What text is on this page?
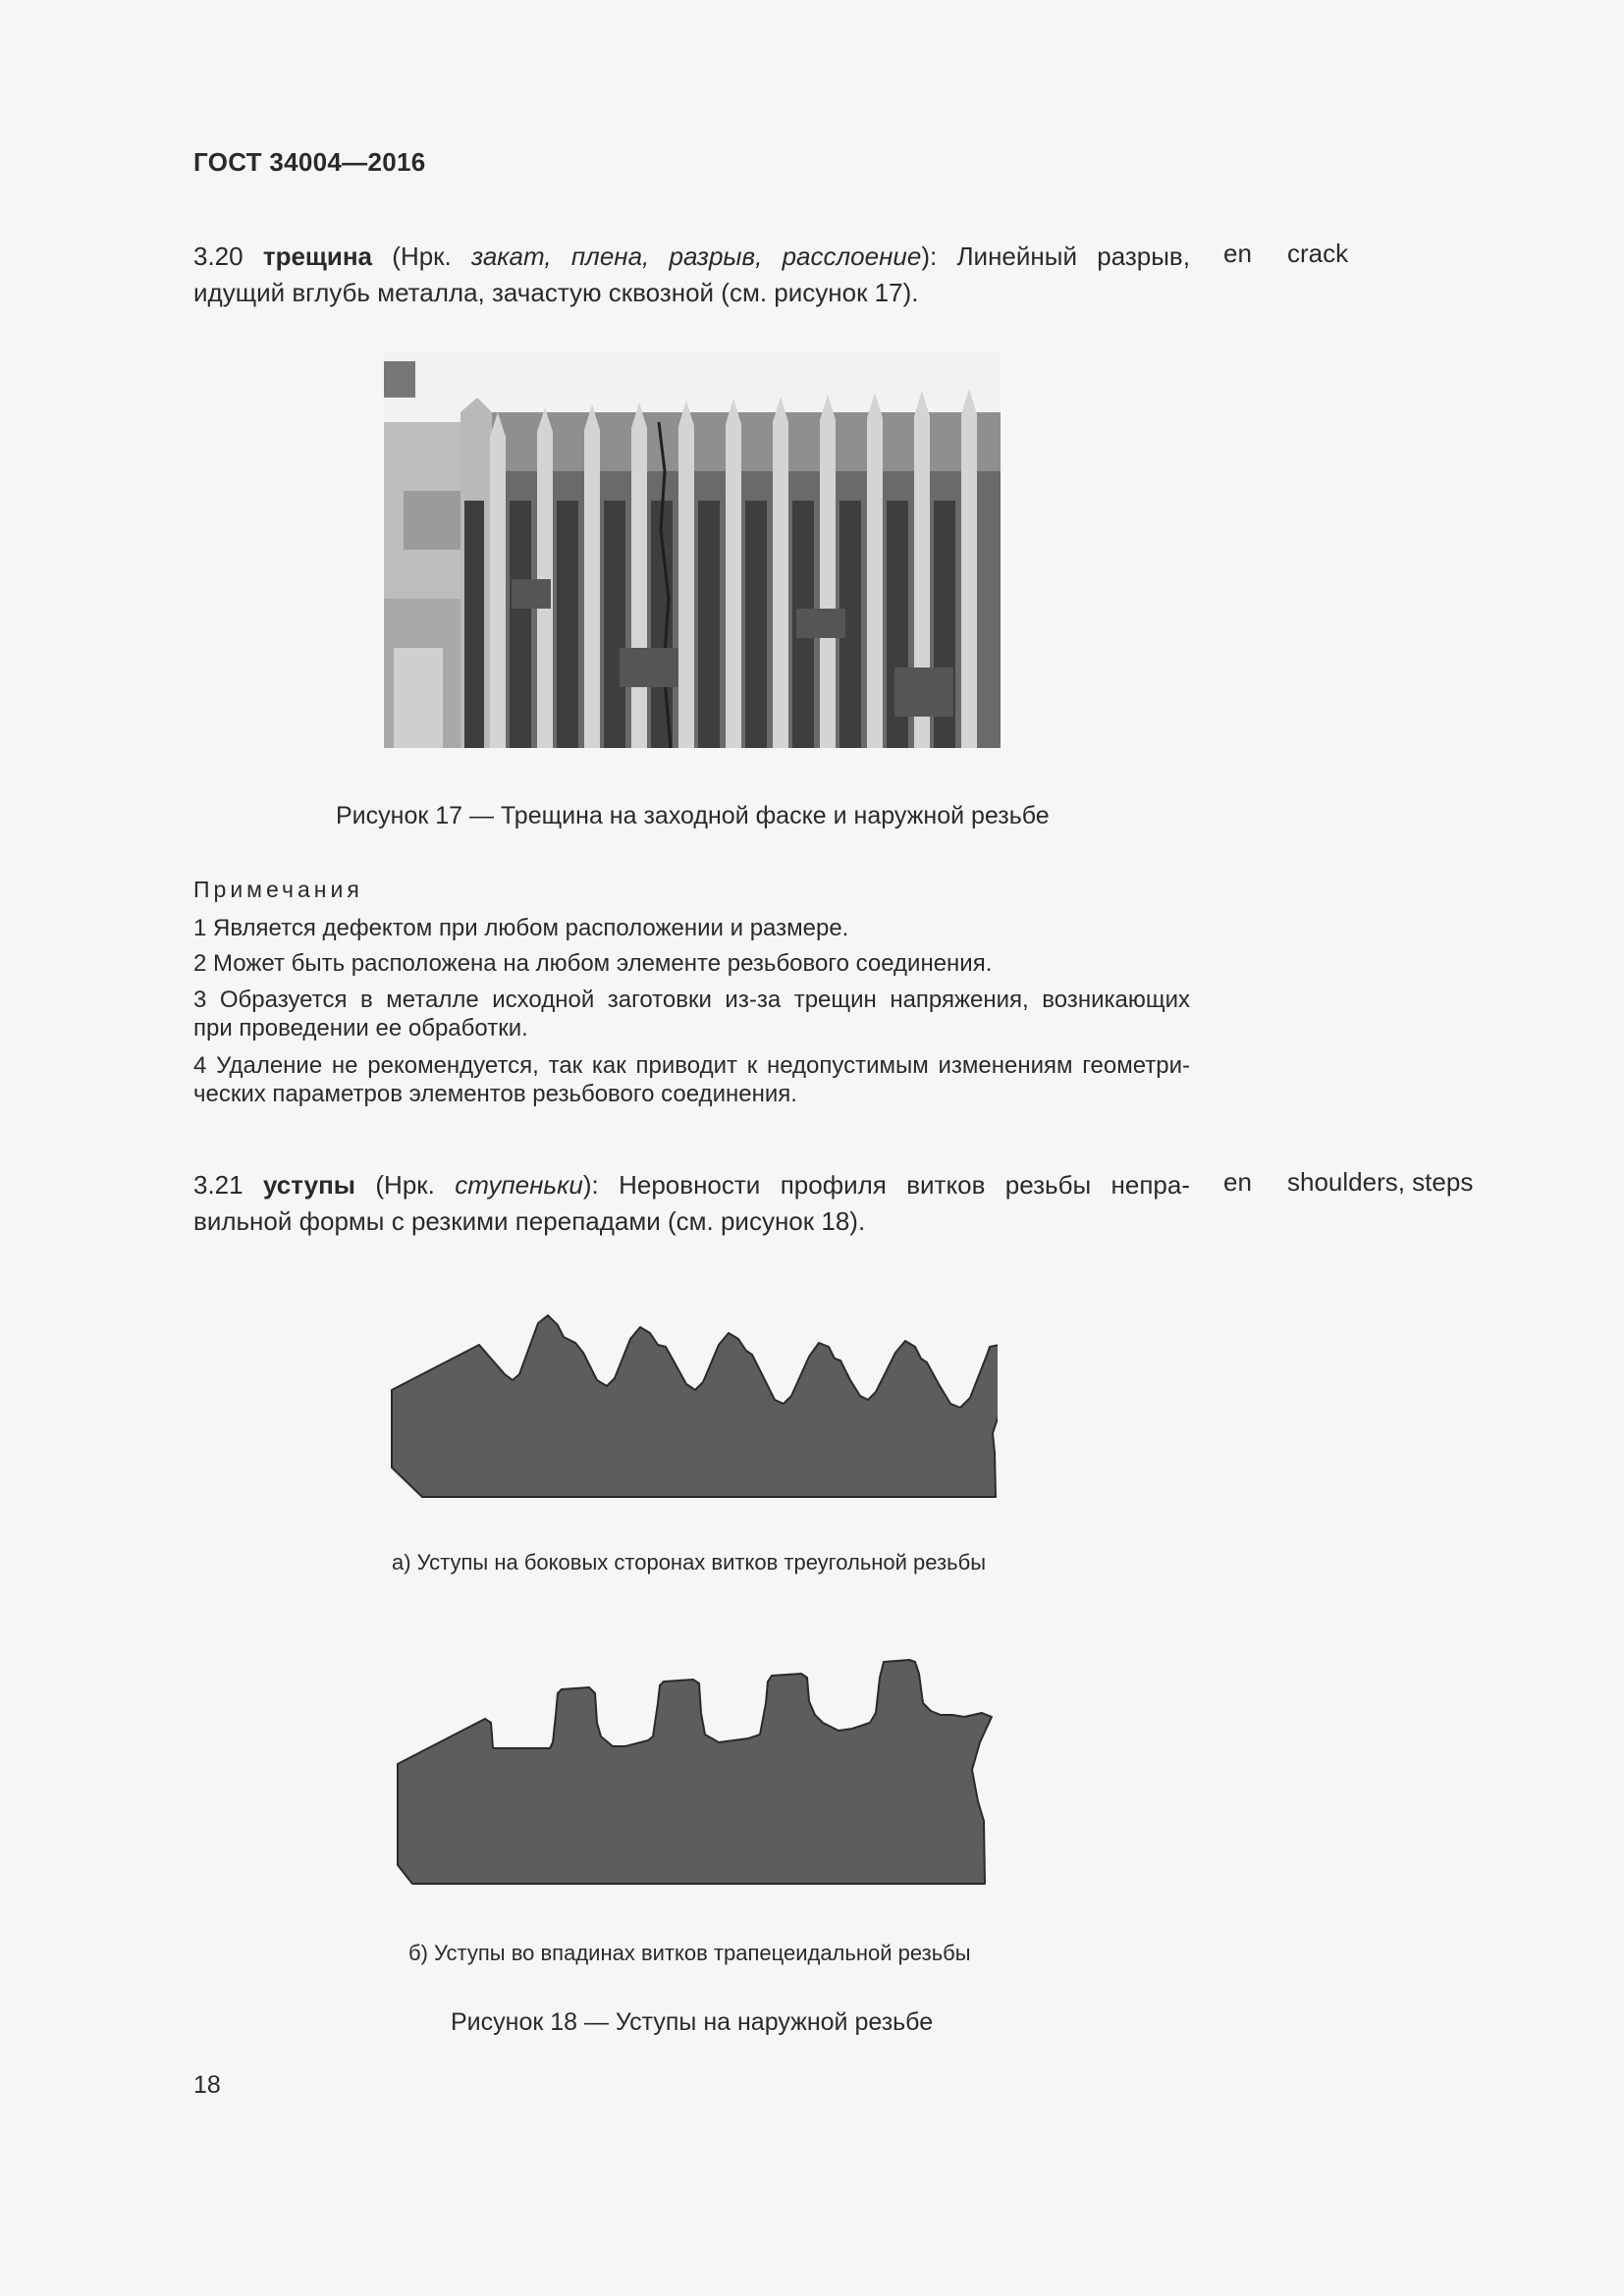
ГОСТ 34004—2016
3.20 трещина (Нрк. закат, плена, разрыв, расслоение): Линейный разрыв,
идущий вглубь металла, зачастую сквозной (см. рисунок 17).
en crack
Рисунок 17 — Трещина на заходной фаске и наружной резьбе
Примечания
1 Является дефектом при любом расположении и размере.
2 Может быть расположена на любом элементе резьбового соединения.
3 Образуется в металле исходной заготовки из-за трещин напряжения, возникающих
при проведении ее обработки.
4 Удаление не рекомендуется, так как приводит к недопустимым изменениям геометри-
ческих параметров элементов резьбового соединения.
3.21 уступы (Нрк. ступеньки): Неровности профиля витков резьбы непра-
вильной формы с резкими перепадами (см. рисунок 18).
en shoulders, steps
а) Уступы на боковых сторонах витков треугольной резьбы
б) Уступы во впадинах витков трапецеидальной резьбы
Рисунок 18 — Уступы на наружной резьбе
18
